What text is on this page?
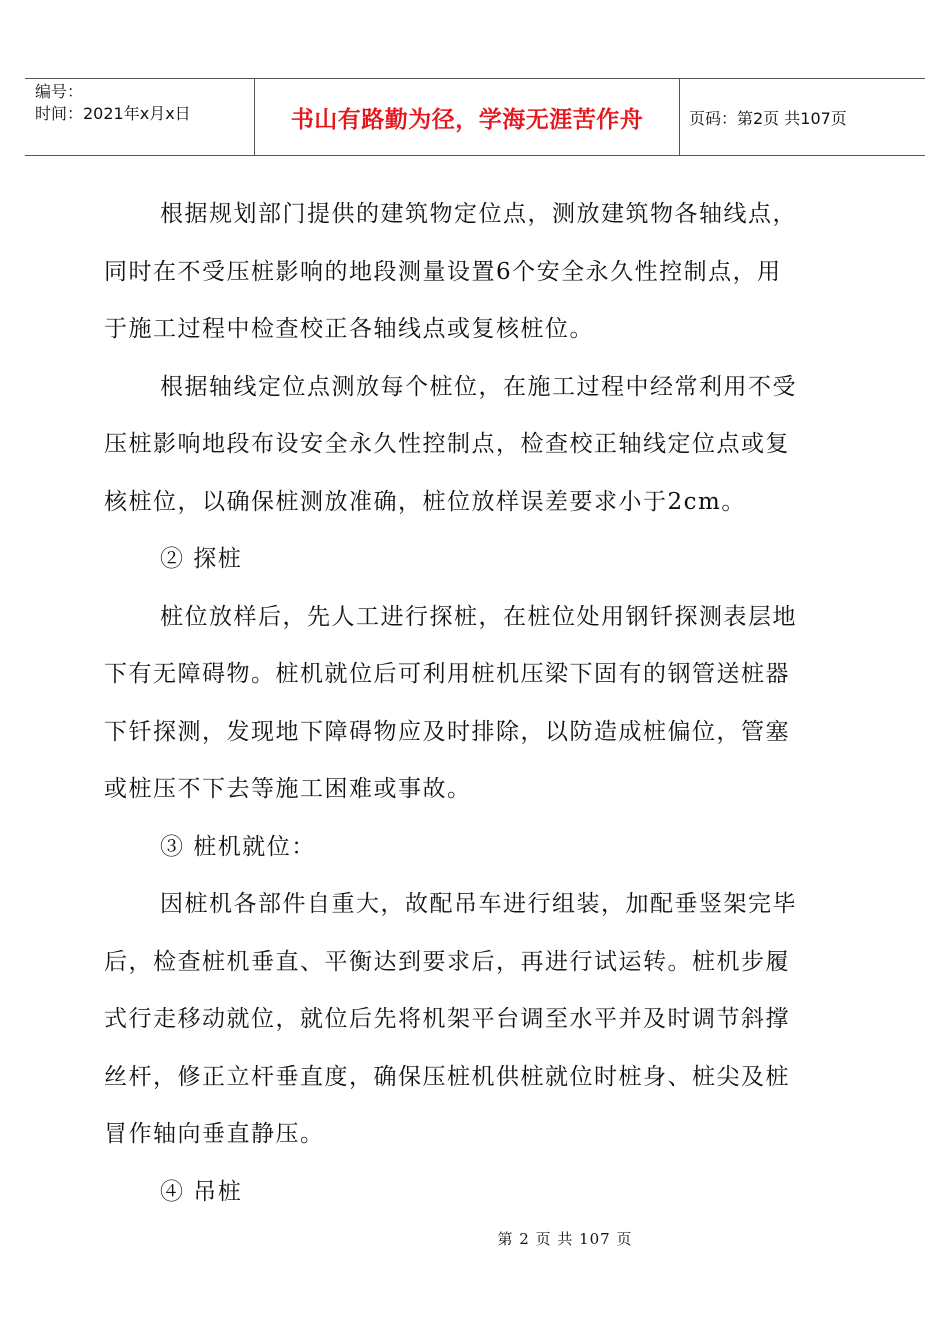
编号：
时间：2021年x月x日	书山有路勤为径，学海无涯苦作舟	页码：第2页 共107页
根据规划部门提供的建筑物定位点，测放建筑物各轴线点，
同时在不受压桩影响的地段测量设置6个安全永久性控制点，用
于施工过程中检查校正各轴线点或复核桩位。
根据轴线定位点测放每个桩位，在施工过程中经常利用不受
压桩影响地段布设安全永久性控制点，检查校正轴线定位点或复
核桩位，以确保桩测放准确，桩位放样误差要求小于2cm。
② 探桩
桩位放样后，先人工进行探桩，在桩位处用钢钎探测表层地
下有无障碍物。桩机就位后可利用桩机压梁下固有的钢管送桩器
下钎探测，发现地下障碍物应及时排除，以防造成桩偏位，管塞
或桩压不下去等施工困难或事故。
③ 桩机就位：
因桩机各部件自重大，故配吊车进行组装，加配垂竖架完毕
后，检查桩机垂直、平衡达到要求后，再进行试运转。桩机步履
式行走移动就位，就位后先将机架平台调至水平并及时调节斜撑
丝杆，修正立杆垂直度，确保压桩机供桩就位时桩身、桩尖及桩
冒作轴向垂直静压。
④ 吊桩
第 2 页 共 107 页
